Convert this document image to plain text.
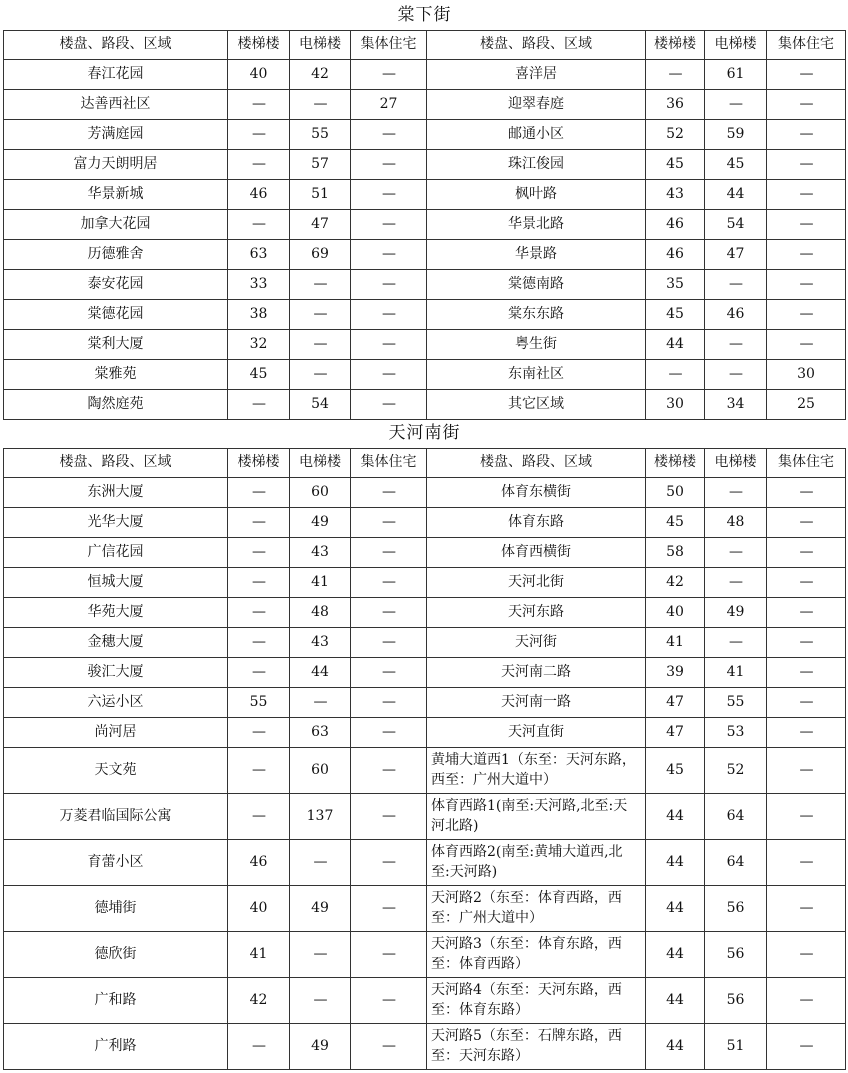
棠下街							
楼盘、路段、区域	楼梯楼	电梯楼	集体住宅	楼盘、路段、区域	楼梯楼	电梯楼	集体住宅
春江花园	40	42	—	喜洋居	—	61	—
达善西社区	—	—	27	迎翠春庭	36	—	—
芳满庭园	—	55	—	邮通小区	52	59	—
富力天朗明居	—	57	—	珠江俊园	45	45	—
华景新城	46	51	—	枫叶路	43	44	—
加拿大花园	—	47	—	华景北路	46	54	—
历德雅舍	63	69	—	华景路	46	47	—
泰安花园	33	—	—	棠德南路	35	—	—
棠德花园	38	—	—	棠东东路	45	46	—
棠利大厦	32	—	—	粤生街	44	—	—
棠雅苑	45	—	—	东南社区	—	—	30
陶然庭苑	—	54	—	其它区域	30	34	25
天河南街							
楼盘、路段、区域	楼梯楼	电梯楼	集体住宅	楼盘、路段、区域	楼梯楼	电梯楼	集体住宅
东洲大厦	—	60	—	体育东横街	50	—	—
光华大厦	—	49	—	体育东路	45	48	—
广信花园	—	43	—	体育西横街	58	—	—
恒城大厦	—	41	—	天河北街	42	—	—
华苑大厦	—	48	—	天河东路	40	49	—
金穗大厦	—	43	—	天河街	41	—	—
骏汇大厦	—	44	—	天河南二路	39	41	—
六运小区	55	—	—	天河南一路	47	55	—
尚河居	—	63	—	天河直街	47	53	—
天文苑	—	60	—	黄埔大道西1（东至：天河东路，西至：广州大道中）	45	52	—
万菱君临国际公寓	—	137	—	体育西路1(南至:天河路,北至:天河北路)	44	64	—
育蕾小区	46	—	—	体育西路2(南至:黄埔大道西,北至:天河路)	44	64	—
德埔街	40	49	—	天河路2（东至：体育西路，西至：广州大道中）	44	56	—
德欣街	41	—	—	天河路3（东至：体育东路，西至：体育西路）	44	56	—
广和路	42	—	—	天河路4（东至：天河东路，西至：体育东路）	44	56	—
广利路	—	49	—	天河路5（东至：石牌东路，西至：天河东路）	44	51	—
